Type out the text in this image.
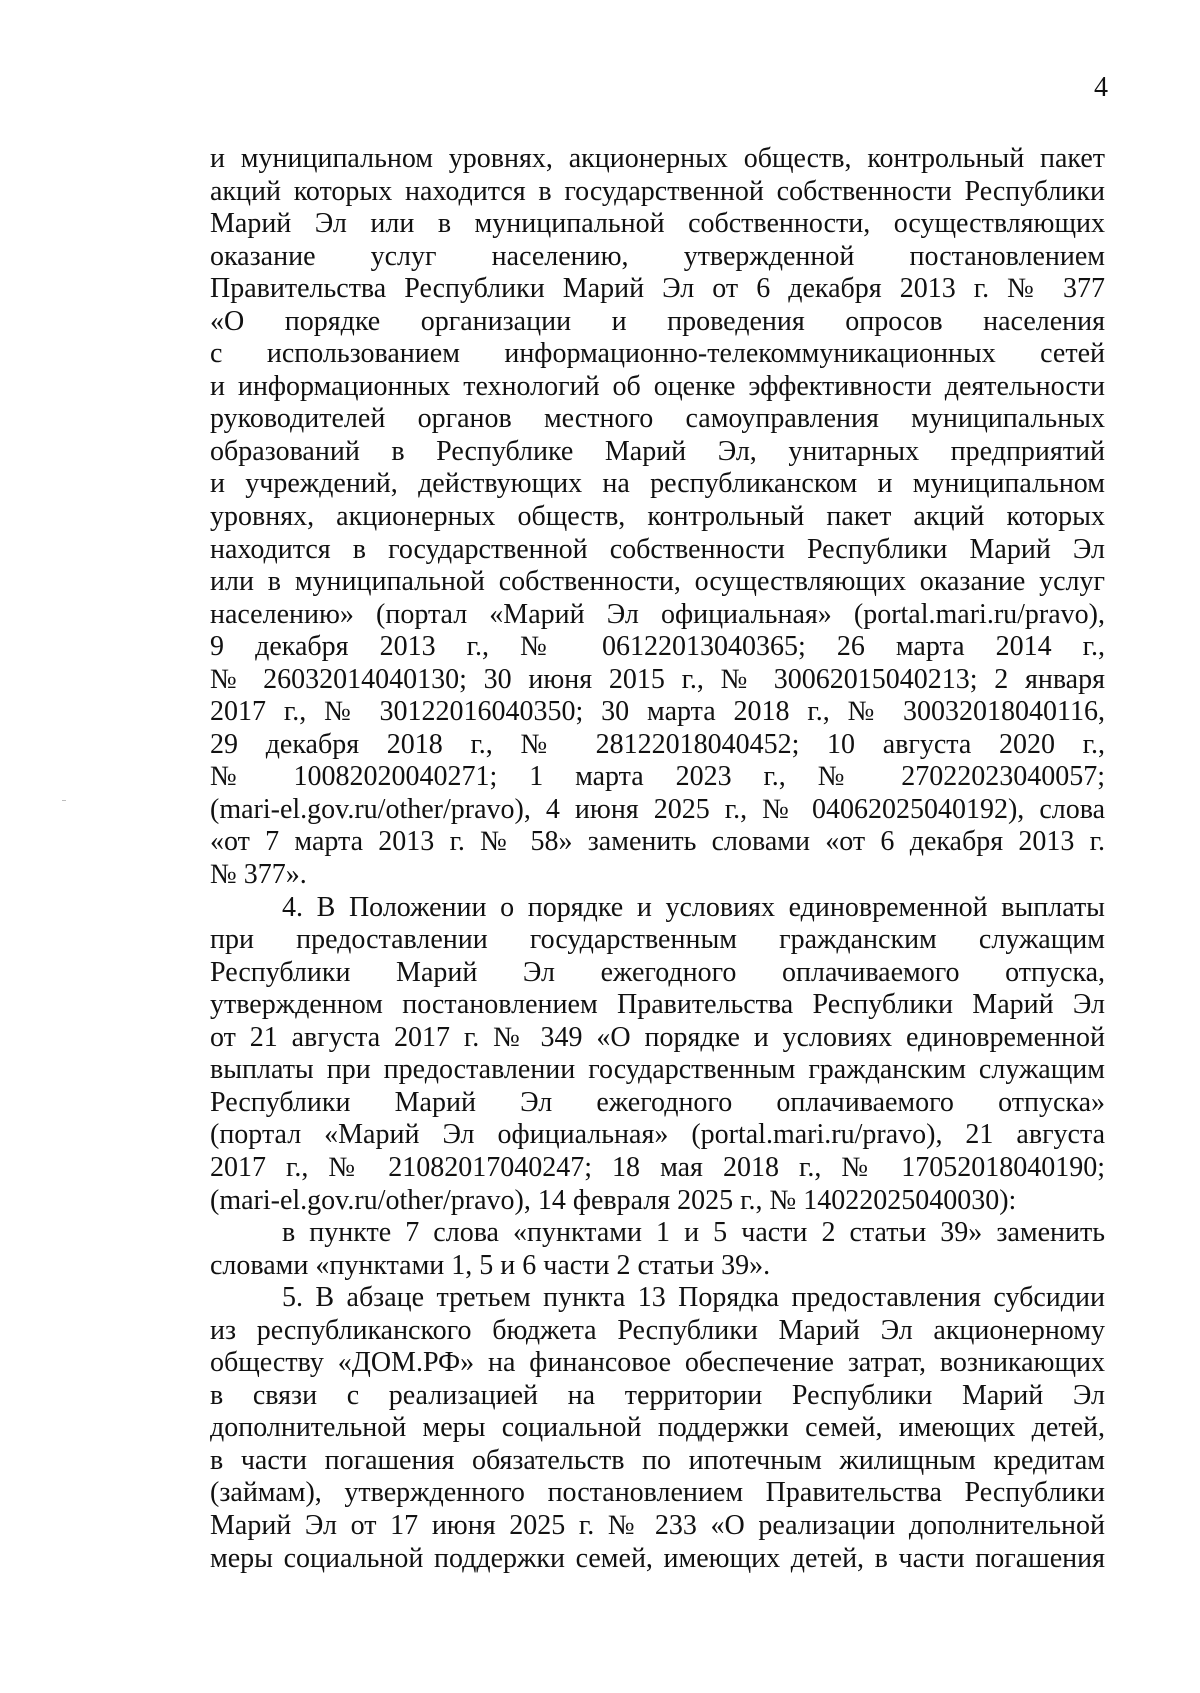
4
и муниципальном уровнях, акционерных обществ, контрольный пакет
акций которых находится в государственной собственности Республики
Марий Эл или в муниципальной собственности, осуществляющих
оказание услуг населению, утвержденной постановлением
Правительства Республики Марий Эл от 6 декабря 2013 г. № 377
«О порядке организации и проведения опросов населения
с использованием информационно-телекоммуникационных сетей
и информационных технологий об оценке эффективности деятельности
руководителей органов местного самоуправления муниципальных
образований в Республике Марий Эл, унитарных предприятий
и учреждений, действующих на республиканском и муниципальном
уровнях, акционерных обществ, контрольный пакет акций которых
находится в государственной собственности Республики Марий Эл
или в муниципальной собственности, осуществляющих оказание услуг
населению» (портал «Марий Эл официальная» (portal.mari.ru/pravo),
9 декабря 2013 г., № 06122013040365; 26 марта 2014 г.,
№ 26032014040130; 30 июня 2015 г., № 30062015040213; 2 января
2017 г., № 30122016040350; 30 марта 2018 г., № 30032018040116,
29 декабря 2018 г., № 28122018040452; 10 августа 2020 г.,
№ 10082020040271; 1 марта 2023 г., № 27022023040057;
(mari-el.gov.ru/other/pravo), 4 июня 2025 г., № 04062025040192), слова
«от 7 марта 2013 г. № 58» заменить словами «от 6 декабря 2013 г.
№ 377».
4. В Положении о порядке и условиях единовременной выплаты
при предоставлении государственным гражданским служащим
Республики Марий Эл ежегодного оплачиваемого отпуска,
утвержденном постановлением Правительства Республики Марий Эл
от 21 августа 2017 г. № 349 «О порядке и условиях единовременной
выплаты при предоставлении государственным гражданским служащим
Республики Марий Эл ежегодного оплачиваемого отпуска»
(портал «Марий Эл официальная» (portal.mari.ru/pravo), 21 августа
2017 г., № 21082017040247; 18 мая 2018 г., № 17052018040190;
(mari-el.gov.ru/other/pravo), 14 февраля 2025 г., № 14022025040030):
в пункте 7 слова «пунктами 1 и 5 части 2 статьи 39» заменить
словами «пунктами 1, 5 и 6 части 2 статьи 39».
5. В абзаце третьем пункта 13 Порядка предоставления субсидии
из республиканского бюджета Республики Марий Эл акционерному
обществу «ДОМ.РФ» на финансовое обеспечение затрат, возникающих
в связи с реализацией на территории Республики Марий Эл
дополнительной меры социальной поддержки семей, имеющих детей,
в части погашения обязательств по ипотечным жилищным кредитам
(займам), утвержденного постановлением Правительства Республики
Марий Эл от 17 июня 2025 г. № 233 «О реализации дополнительной
меры социальной поддержки семей, имеющих детей, в части погашения
